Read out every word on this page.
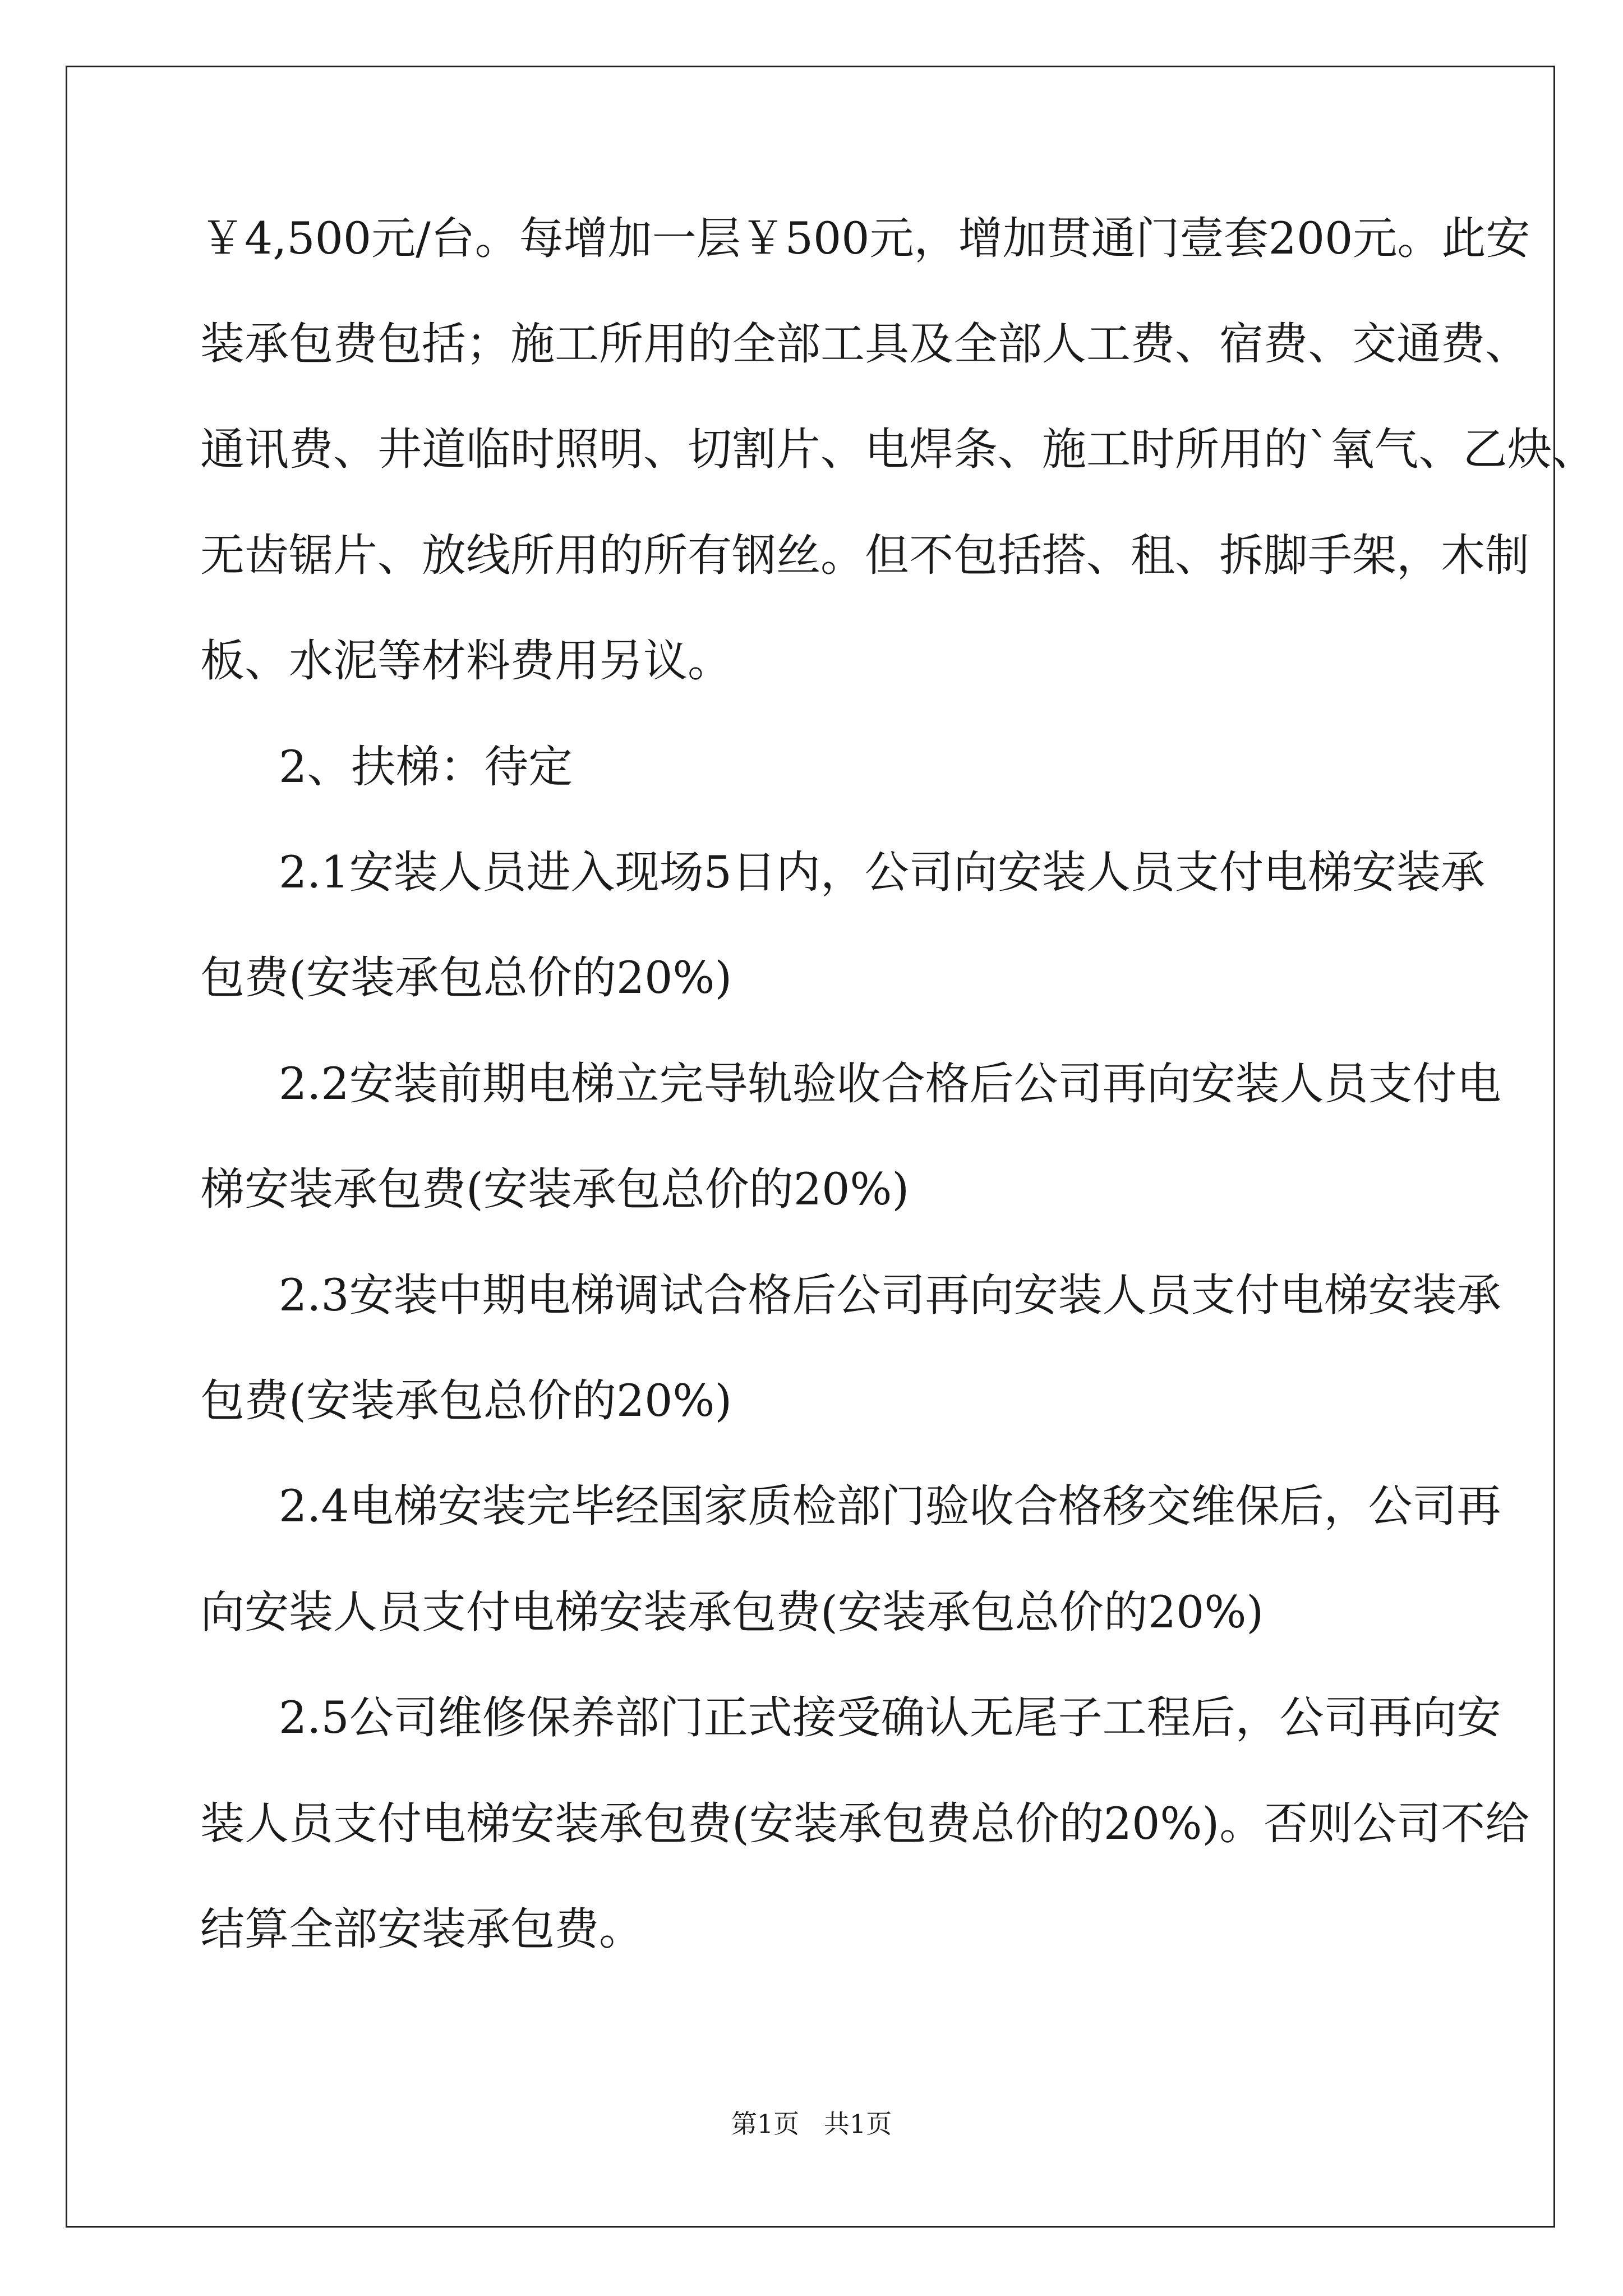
￥4,500元/台。每增加一层￥500元，增加贯通门壹套200元。此安
装承包费包括；施工所用的全部工具及全部人工费、宿费、交通费、
通讯费、井道临时照明、切割片、电焊条、施工时所用的`氧气、乙炔、
无齿锯片、放线所用的所有钢丝。但不包括搭、租、拆脚手架，木制
板、水泥等材料费用另议。
2、扶梯：待定
2.1安装人员进入现场5日内，公司向安装人员支付电梯安装承
包费(安装承包总价的20%)
2.2安装前期电梯立完导轨验收合格后公司再向安装人员支付电
梯安装承包费(安装承包总价的20%)
2.3安装中期电梯调试合格后公司再向安装人员支付电梯安装承
包费(安装承包总价的20%)
2.4电梯安装完毕经国家质检部门验收合格移交维保后，公司再
向安装人员支付电梯安装承包费(安装承包总价的20%)
2.5公司维修保养部门正式接受确认无尾子工程后，公司再向安
装人员支付电梯安装承包费(安装承包费总价的20%)。否则公司不给
结算全部安装承包费。
第1页   共1页
